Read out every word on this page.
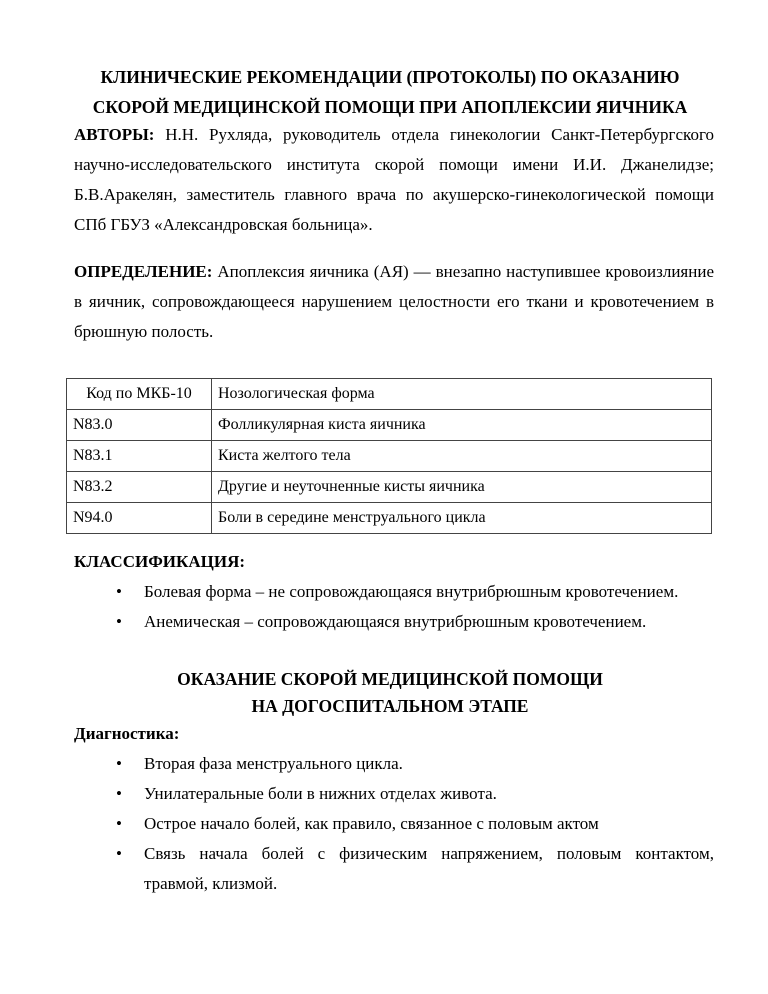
КЛИНИЧЕСКИЕ РЕКОМЕНДАЦИИ (ПРОТОКОЛЫ) ПО ОКАЗАНИЮ
СКОРОЙ МЕДИЦИНСКОЙ ПОМОЩИ ПРИ АПОПЛЕКСИИ ЯИЧНИКА
АВТОРЫ: Н.Н. Рухляда, руководитель отдела гинекологии Санкт-Петербургского научно-исследовательского института скорой помощи имени И.И. Джанелидзе; Б.В.Аракелян, заместитель главного врача по акушерско-гинекологической помощи СПб ГБУЗ «Александровская больница».
ОПРЕДЕЛЕНИЕ: Апоплексия яичника (АЯ) — внезапно наступившее кровоизлияние в яичник, сопровождающееся нарушением целостности его ткани и кровотечением в брюшную полость.
Код по МКБ-10	Нозологическая форма
N83.0	Фолликулярная киста яичника
N83.1	Киста желтого тела
N83.2	Другие и неуточненные кисты яичника
N94.0	Боли в середине менструального цикла
КЛАССИФИКАЦИЯ:
• Болевая форма – не сопровождающаяся внутрибрюшным кровотечением.
• Анемическая – сопровождающаяся внутрибрюшным кровотечением.
ОКАЗАНИЕ СКОРОЙ МЕДИЦИНСКОЙ ПОМОЩИ
НА ДОГОСПИТАЛЬНОМ ЭТАПЕ
Диагностика:
• Вторая фаза менструального цикла.
• Унилатеральные боли в нижних отделах живота.
• Острое начало болей, как правило, связанное с половым актом
• Связь начала болей с физическим напряжением, половым контактом, травмой, клизмой.
